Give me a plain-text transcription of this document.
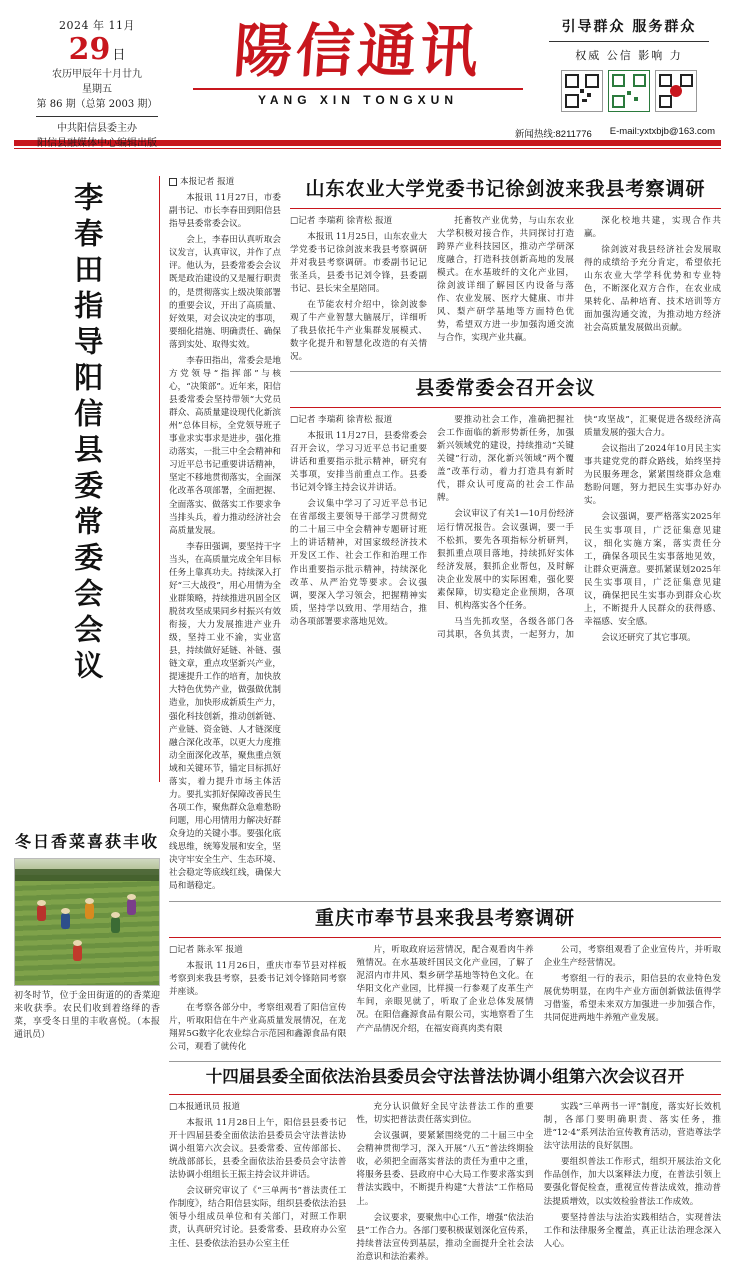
2024 年 11月
29 日
农历甲辰年十月廿九
星期五
第 86 期（总第 2003 期）
中共阳信县委主办
阳信县融媒体中心编辑出版
陽信通讯
YANG XIN TONGXUN
引导群众 服务群众
权威 公信 影响 力
新闻热线:8211776 E-mail:yxtxbjb@163.com
李春田指导阳信县委常委会会议
冬日香菜喜获丰收
初冬时节，位于金田街道的的香菜迎来收获季。农民们收到着络绎的香菜，享受冬日里的丰收喜悦。（本报通讯员）

本报记者 报道

本报讯 11月27日，市委副书记、市长李春田到阳信县指导县委常委会议。

会上，李春田认真听取会议发言，认真审议，并作了点评。他认为，县委常委会会议既是政治建设的又是履行职责的，是贯彻落实上级决策部署的重要会议，开出了高质量、好效果，对会议决定的事项，要细化措施、明确责任、确保落到实处、取得实效。

李春田指出，常委会是地方党领导“指挥部”与核心，“决策部”。近年来，阳信县委常委会坚持带领“大党员群众、高质量建设现代化新滨州”总体目标，全党领导班子事业求实事求是进步，强化推动落实，一批三中全会精神和习近平总书记重要讲话精神，坚定不移地贯彻落实，全面深化改革各项部署，全面把握、全面落实、做落实工作要求争当排头兵，着力推动经济社会高质量发展。

李春田强调，要坚持干字当头，在高质量完成全年目标任务上靠真功夫。持续深入打好“三大战役”，用心用情为全业群策略，持续推进巩固全区脱贫攻坚成果同乡村振兴有效衔接，大力发展推进产业升级，坚持工业不渝，实业富县，持续做好延链、补链、强链文章，重点攻坚新兴产业，提速提升工作的培育，加快放大特色优势产业，做强做优制造业，加快形成新质生产力，强化科技创新，推动创新链、产业链、资金链、人才链深度融合深化改革，以更大力度推动全面深化改革，聚焦重点领域和关键环节，锚定目标抓好落实，着力提升市场主体活力。要扎实抓好保障改善民生各项工作，聚焦群众急难愁盼问题，用心用情用力解决好群众身边的关键小事。要强化底线思维，统筹发展和安全，坚决守牢安全生产、生态环境、社会稳定等底线红线，确保大局和谐稳定。

山东农业大学党委书记徐剑波来我县考察调研

□记者 李瑞莉 徐青松 报道

本报讯 11月25日，山东农业大学党委书记徐剑波来我县考察调研并对我县考察调研。市委副书记记张圣兵，县委书记刘令锋，县委副书记、县长宋全星陪同。

在节能农村介绍中，徐剑波参观了牛产业智慧大脑展厅，详细听了我县依托牛产业集群发展模式、数字化提升和智慧化改造的有关情况。

托畜牧产业优势，与山东农业大学积极对接合作，共同探讨打造跨界产业科技园区，推动产学研深度融合，打造科技创新高地的发展模式。在水基玻纤的文化产业园，徐剑波详细了解园区内设备与落作、农业发展、医疗大健康、市井风、梨产研学基地等方面特色优势，希望双方进一步加强沟通交流与合作，实现产业共赢。

深化校地共建，实现合作共赢。

徐剑波对我县经济社会发展取得的成绩给予充分肯定，希望依托山东农业大学学科优势和专业特色，不断深化双方合作，在农业成果转化、品种培育、技术培训等方面加强沟通交流，为推动地方经济社会高质量发展做出贡献。

县委常委会召开会议

□记者 李瑞莉 徐青松 报道

本报讯 11月27日，县委常委会召开会议，学习习近平总书记重要讲话和重要指示批示精神，研究有关事项，安排当前重点工作。县委书记刘令锋主持会议并讲话。

会议集中学习了习近平总书记在省部级主要领导干部学习贯彻党的二十届三中全会精神专题研讨班上的讲话精神，对国家级经济技术开发区工作、社会工作和治理工作作出重要指示批示精神，持续深化改革、从严治党等要求。会议强调，要深入学习领会，把握精神实质，坚持学以致用、学用结合，推动各项部署要求落地见效。

要推动社会工作，准确把握社会工作面临的新形势新任务，加强新兴领域党的建设，持续推动“关键关键”行动，深化新兴领域“两个覆盖”改革行动，着力打造具有新时代，群众认可度高的社会工作品牌。

会议审议了有关1—10月份经济运行情况报告。会议强调，要一手不松抓，要先各项指标分析研判，狠抓重点项目落地，持续抓好实体经济发展，狠抓企业帮包，及时解决企业发展中的实际困难，强化要素保障，切实稳定企业预期，各项目、机构落实各个任务。

马当先抓攻坚，各级各部门各司其职，各负其责，一起努力，加快“攻坚战”，汇聚促进各级经济高质量发展的强大合力。

会议指出了2024年10月民主实事共建党党的群众路线，始终坚持为民服务理念，紧紧围绕群众急难愁盼问题，努力把民生实事办好办实。

会议强调，要严格落实2025年民生实事项目，广泛征集意见建议，细化实施方案，落实责任分工，确保各项民生实事落地见效，让群众更满意。要抓紧谋划2025年民生实事项目，广泛征集意见建议，确保把民生实事办到群众心坎上，不断提升人民群众的获得感、幸福感、安全感。

会议还研究了其它事项。

重庆市奉节县来我县考察调研

□记者 陈永军 报道

本报讯 11月26日，重庆市奉节县对样板考察到来我县考察，县委书记刘令锋陪同考察并座谈。

在考察各部分中，考察组观看了阳信宣传片，听取阳信在牛产业高质量发展情况，在龙翔昇5G数字化农业综合示范园和鑫源食品有限公司，观看了就传化

片，听取政府运营情况，配合观看肉牛养殖情况。在水基玻纤国民文化产业园，了解了泥沼内市井风、梨乡研学基地等特色文化。在华阳文化产业园，比样摸一行参观了皮革生产车间，亲眼见就了，听取了企业总体发展情况。在阳信鑫源食品有限公司，实地察看了生产产品情况介绍，在福安商真肉类有限

公司，考察组观看了企业宣传片，并听取企业生产经营情况。

考察组一行的表示，阳信县的农业特色发展优势明显，在肉牛产业方面创新做法值得学习借鉴，希望未来双方加强进一步加强合作，共同促进两地牛养殖产业发展。

十四届县委全面依法治县委员会守法普法协调小组第六次会议召开

□本报通讯员 报道

本报讯 11月28日上午，阳信县县委书记开十四届县委全面依法治县委员会守法普法协调小组第六次会议。县委常委、宣传部部长、统战部部长，县委全面依法治县委员会守法普法协调小组组长王振主持会议并讲话。

会议研究审议了《“三单两书”普法责任工作制度》，结合阳信县实际，组织县委依法治县领导小组成员单位和有关部门，对照工作职责，认真研究讨论。县委常委、县政府办公室主任、县委依法治县办公室主任

充分认识做好全民守法普法工作的重要性，切实把普法责任落实到位。

会议强调，要紧紧围绕党的二十届三中全会精神贯彻学习，深入开展“八五”普法终期验收，必须把全面落实普法的责任为重中之重，将服务县委、县政府中心大局工作要求落实到普法实践中，不断提升构建“大普法”工作格局上。

会议要求，要聚焦中心工作，增强“依法治县”工作合力。各部门要积极谋划深化宣传系，持续普法宣传到基层，推动全面提升全社会法治意识和法治素养。

实践“三单两书一评”制度，落实好长效机制，各部门要明确职责、落实任务，推进“12·4”系列法治宣传教育活动，营造尊法学法守法用法的良好氛围。

要组织普法工作形式，组织开展法治文化作品创作，加大以案释法力度，在普法引领上要强化督促检查，重视宣传普法成效，推动普法提质增效，以实效检验普法工作成效。

要坚持普法与法治实践相结合，实现普法工作和法律服务全覆盖，真正让法治理念深入人心。
